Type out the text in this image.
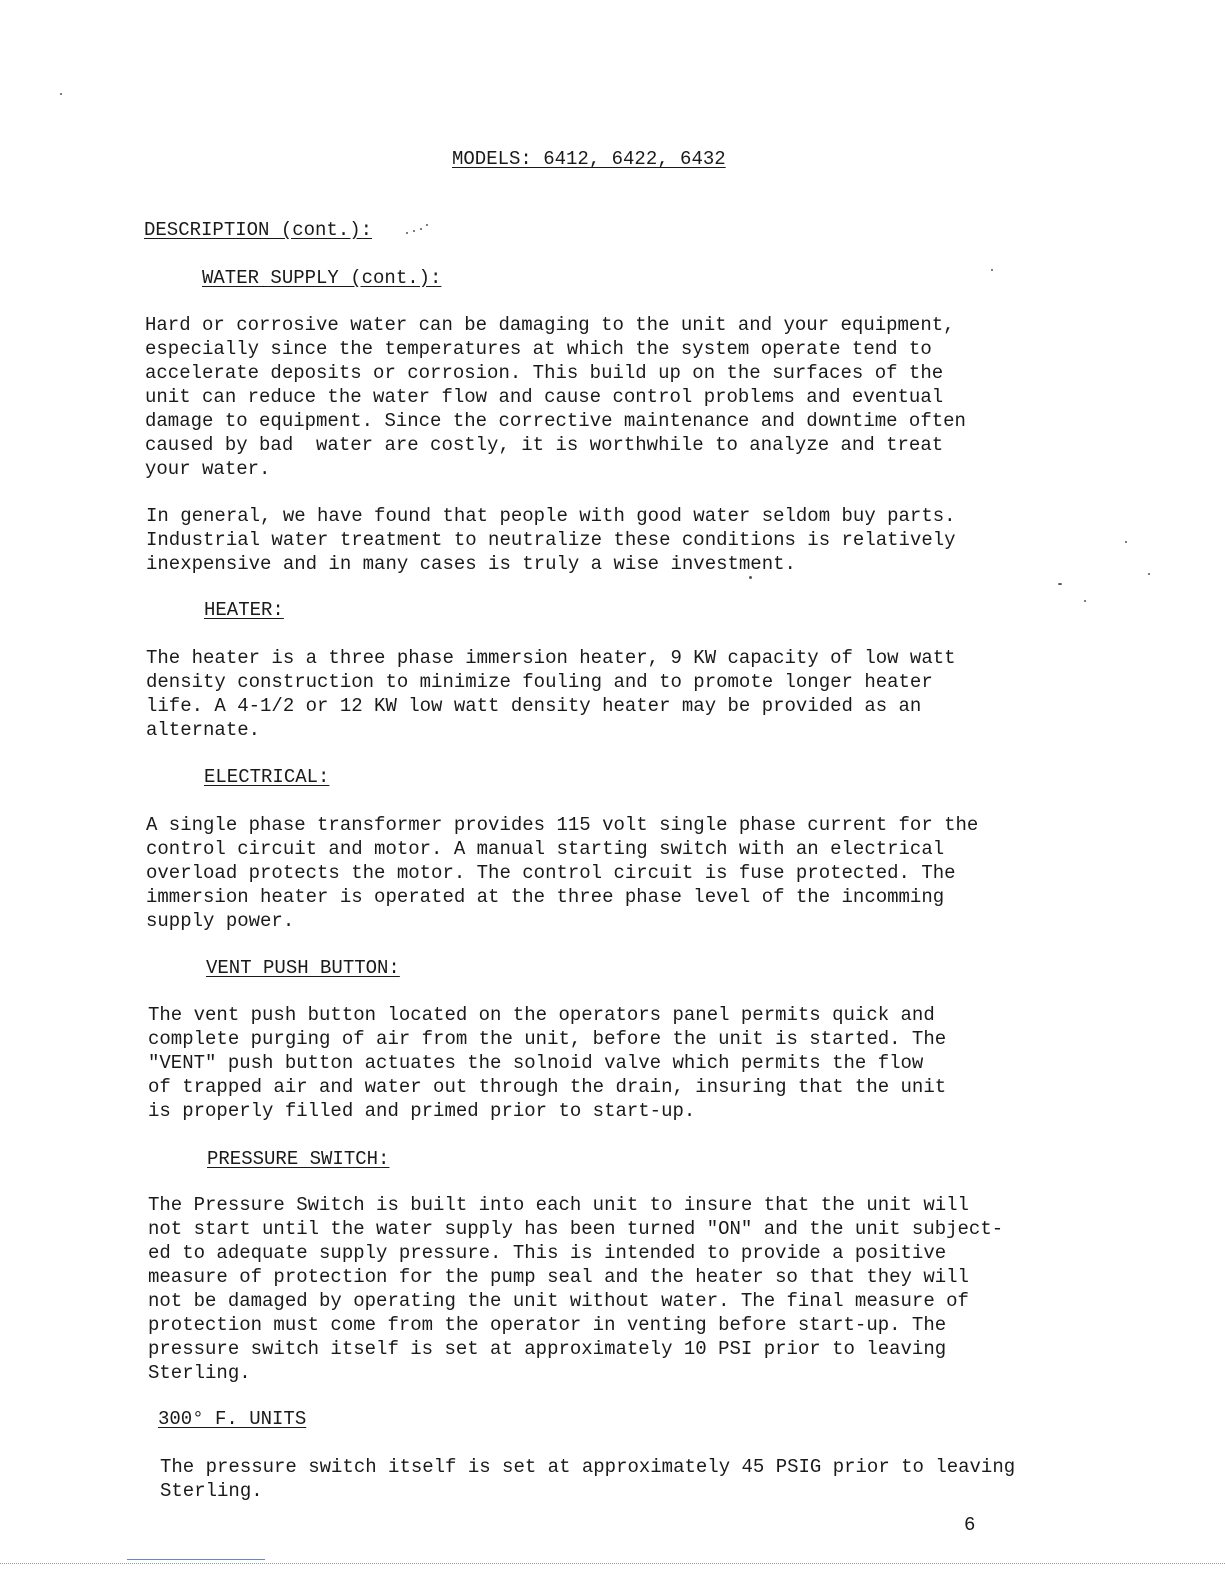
MODELS: 6412, 6422, 6432

DESCRIPTION (cont.):

WATER SUPPLY (cont.):

Hard or corrosive water can be damaging to the unit and your equipment,
especially since the temperatures at which the system operate tend to
accelerate deposits or corrosion. This build up on the surfaces of the
unit can reduce the water flow and cause control problems and eventual
damage to equipment. Since the corrective maintenance and downtime often
caused by bad  water are costly, it is worthwhile to analyze and treat
your water.

In general, we have found that people with good water seldom buy parts.
Industrial water treatment to neutralize these conditions is relatively
inexpensive and in many cases is truly a wise investment.

HEATER:

The heater is a three phase immersion heater, 9 KW capacity of low watt
density construction to minimize fouling and to promote longer heater
life. A 4-1/2 or 12 KW low watt density heater may be provided as an
alternate.

ELECTRICAL:

A single phase transformer provides 115 volt single phase current for the
control circuit and motor. A manual starting switch with an electrical
overload protects the motor. The control circuit is fuse protected. The
immersion heater is operated at the three phase level of the incomming
supply power.

VENT PUSH BUTTON:

The vent push button located on the operators panel permits quick and
complete purging of air from the unit, before the unit is started. The
"VENT" push button actuates the solnoid valve which permits the flow
of trapped air and water out through the drain, insuring that the unit
is properly filled and primed prior to start-up.

PRESSURE SWITCH:

The Pressure Switch is built into each unit to insure that the unit will
not start until the water supply has been turned "ON" and the unit subject-
ed to adequate supply pressure. This is intended to provide a positive
measure of protection for the pump seal and the heater so that they will
not be damaged by operating the unit without water. The final measure of
protection must come from the operator in venting before start-up. The
pressure switch itself is set at approximately 10 PSI prior to leaving
Sterling.

300° F. UNITS

The pressure switch itself is set at approximately 45 PSIG prior to leaving
Sterling.

6
